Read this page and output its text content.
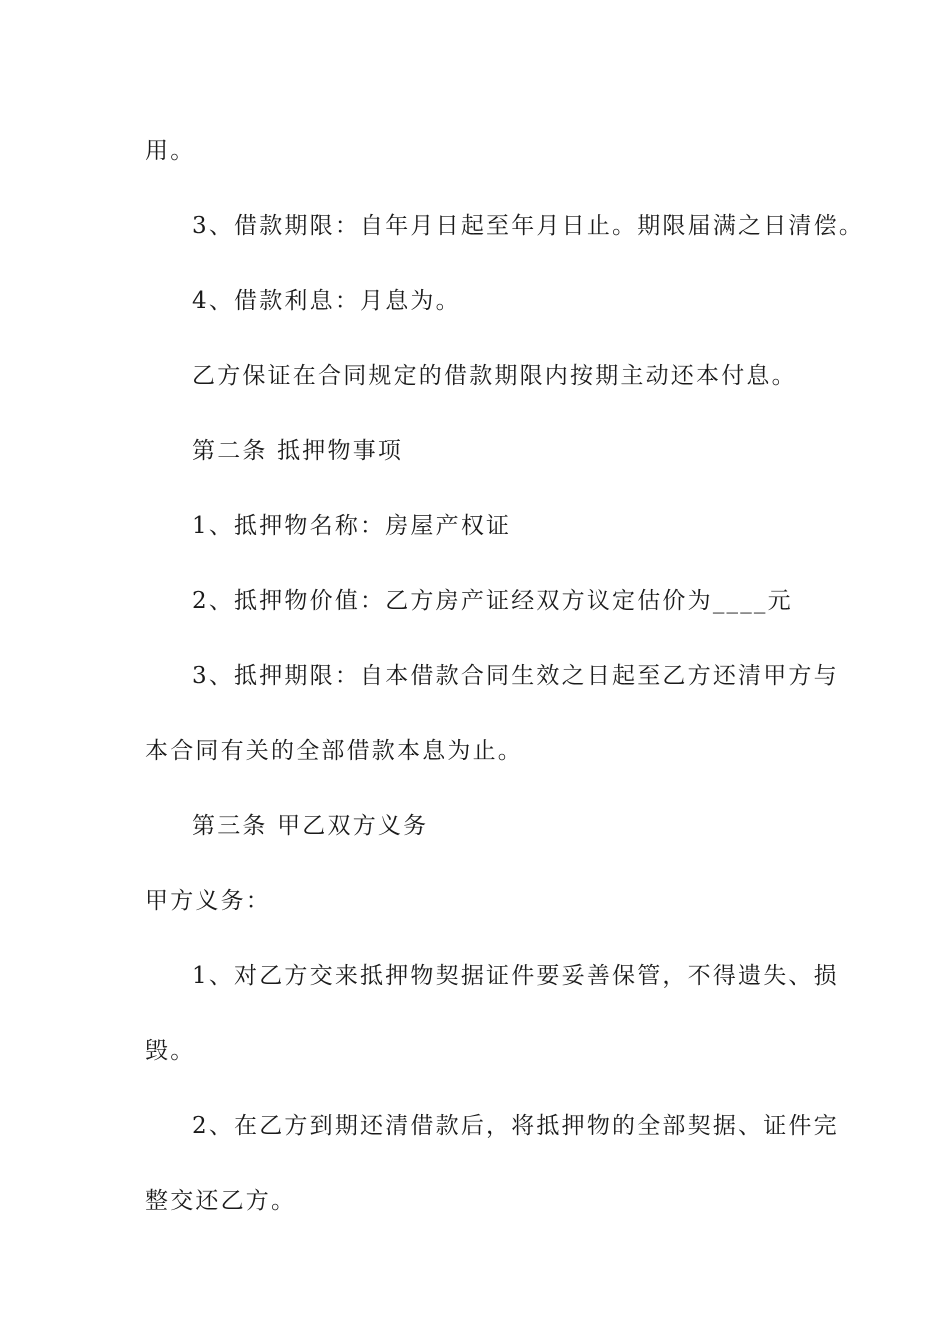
用。
3、借款期限：自年月日起至年月日止。期限届满之日清偿。
4、借款利息：月息为。
乙方保证在合同规定的借款期限内按期主动还本付息。
第二条 抵押物事项
1、抵押物名称：房屋产权证
2、抵押物价值：乙方房产证经双方议定估价为____元
3、抵押期限：自本借款合同生效之日起至乙方还清甲方与
本合同有关的全部借款本息为止。
第三条 甲乙双方义务
甲方义务：
1、对乙方交来抵押物契据证件要妥善保管，不得遗失、损
毁。
2、在乙方到期还清借款后，将抵押物的全部契据、证件完
整交还乙方。
